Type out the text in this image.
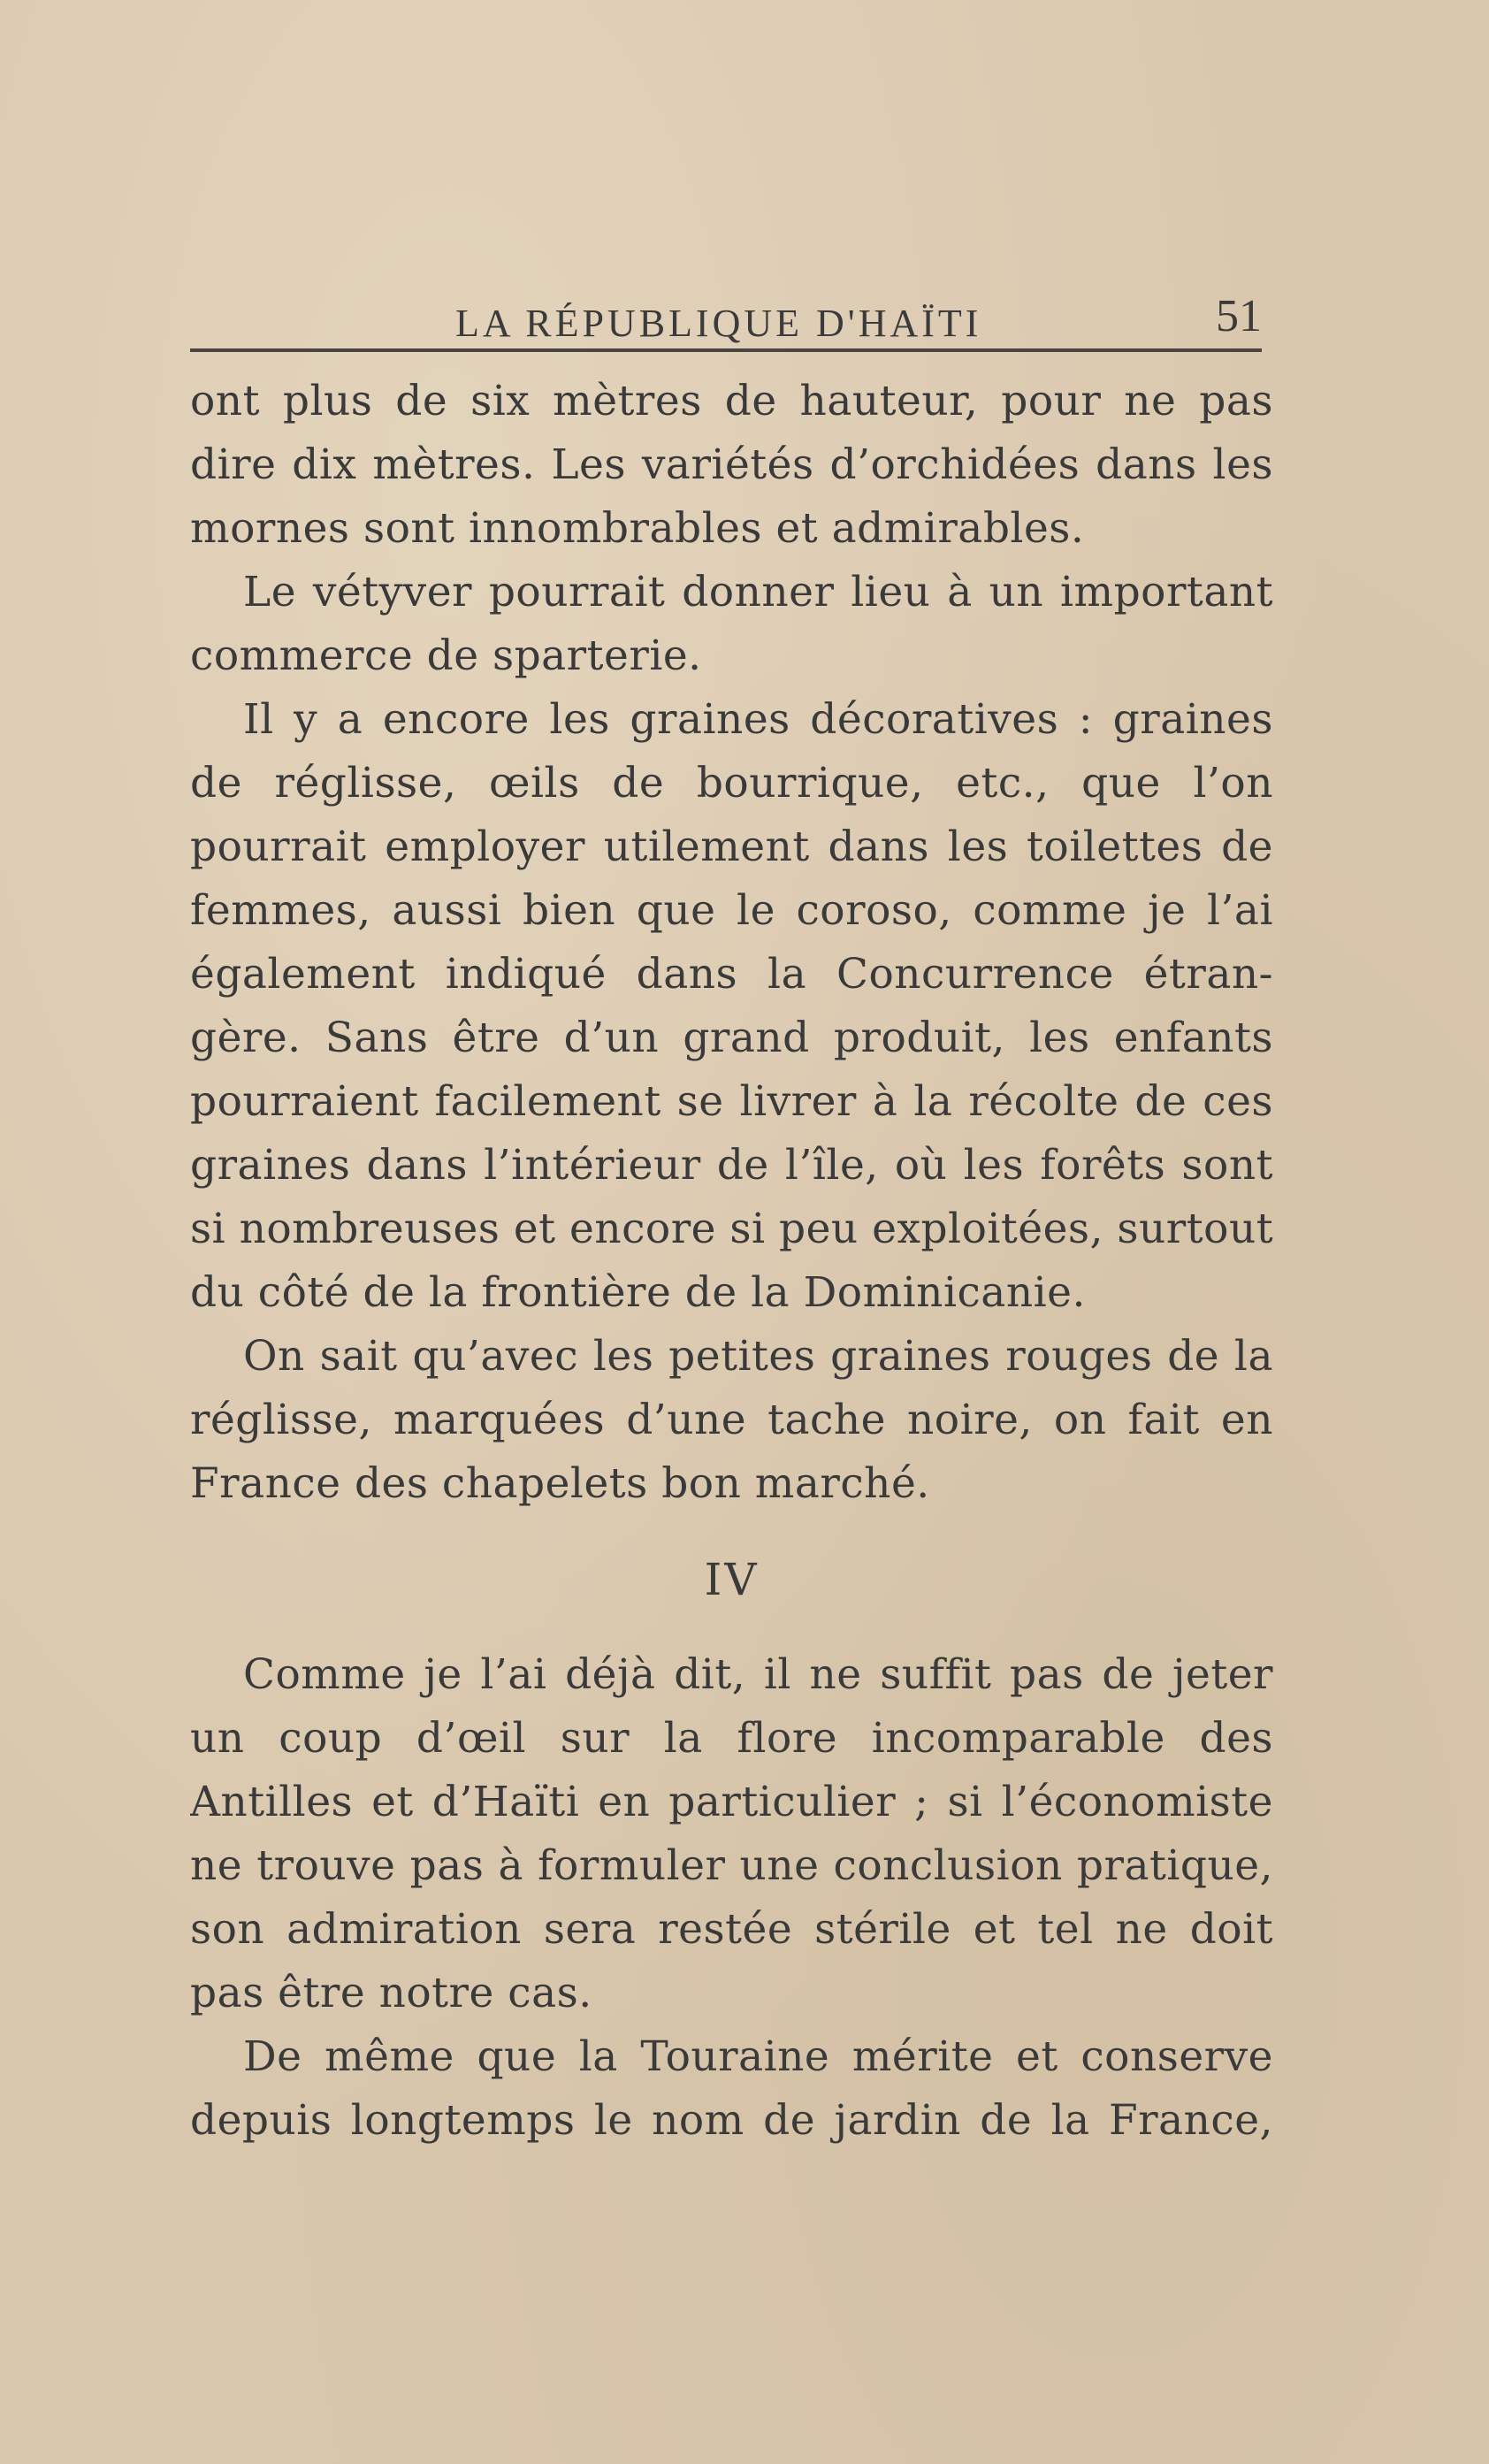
LA RÉPUBLIQUE D'HAÏTI	51
ont plus de six mètres de hauteur, pour ne pas
dire dix mètres. Les variétés d’orchidées dans les
mornes sont innombrables et admirables.
Le vétyver pourrait donner lieu à un important
commerce de sparterie.
Il y a encore les graines décoratives : graines
de réglisse, œils de bourrique, etc., que l’on
pourrait employer utilement dans les toilettes de
femmes, aussi bien que le coroso, comme je l’ai
également indiqué dans la Concurrence étran-
gère. Sans être d’un grand produit, les enfants
pourraient facilement se livrer à la récolte de ces
graines dans l’intérieur de l’île, où les forêts sont
si nombreuses et encore si peu exploitées, surtout
du côté de la frontière de la Dominicanie.
On sait qu’avec les petites graines rouges de la
réglisse, marquées d’une tache noire, on fait en
France des chapelets bon marché.
IV
Comme je l’ai déjà dit, il ne suffit pas de jeter
un coup d’œil sur la flore incomparable des
Antilles et d’Haïti en particulier ; si l’économiste
ne trouve pas à formuler une conclusion pratique,
son admiration sera restée stérile et tel ne doit
pas être notre cas.
De même que la Touraine mérite et conserve
depuis longtemps le nom de jardin de la France,
